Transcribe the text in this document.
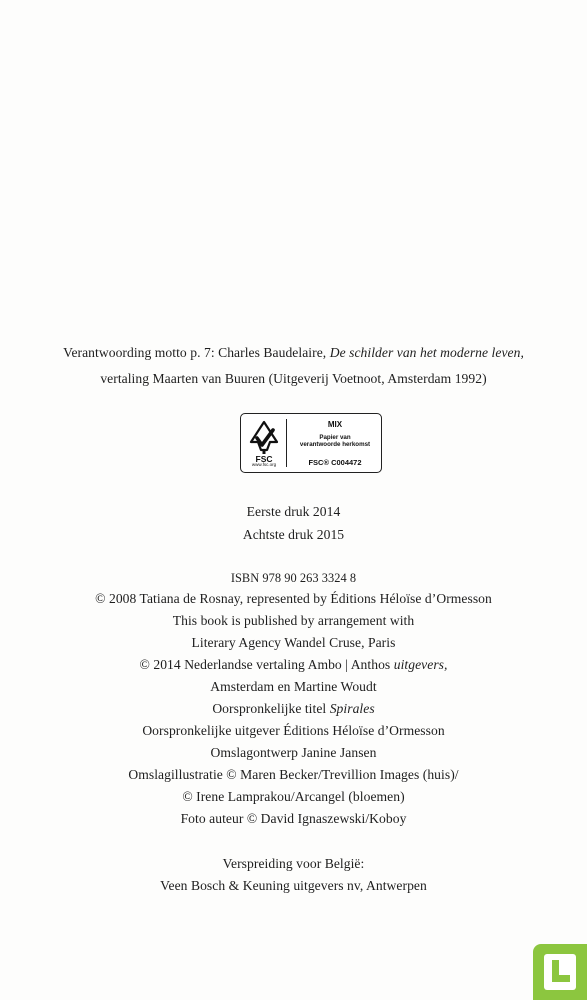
Verantwoording motto p. 7: Charles Baudelaire, De schilder van het moderne leven,
vertaling Maarten van Buuren (Uitgeverij Voetnoot, Amsterdam 1992)
FSC
www.fsc.org
MIX
Papier van
verantwoorde herkomst
FSC® C004472
Eerste druk 2014
Achtste druk 2015
ISBN 978 90 263 3324 8
© 2008 Tatiana de Rosnay, represented by Éditions Héloïse d’Ormesson
This book is published by arrangement with
Literary Agency Wandel Cruse, Paris
© 2014 Nederlandse vertaling Ambo | Anthos uitgevers,
Amsterdam en Martine Woudt
Oorspronkelijke titel Spirales
Oorspronkelijke uitgever Éditions Héloïse d’Ormesson
Omslagontwerp Janine Jansen
Omslagillustratie © Maren Becker/Trevillion Images (huis)/
© Irene Lamprakou/Arcangel (bloemen)
Foto auteur © David Ignaszewski/Koboy
Verspreiding voor België:
Veen Bosch & Keuning uitgevers nv, Antwerpen
